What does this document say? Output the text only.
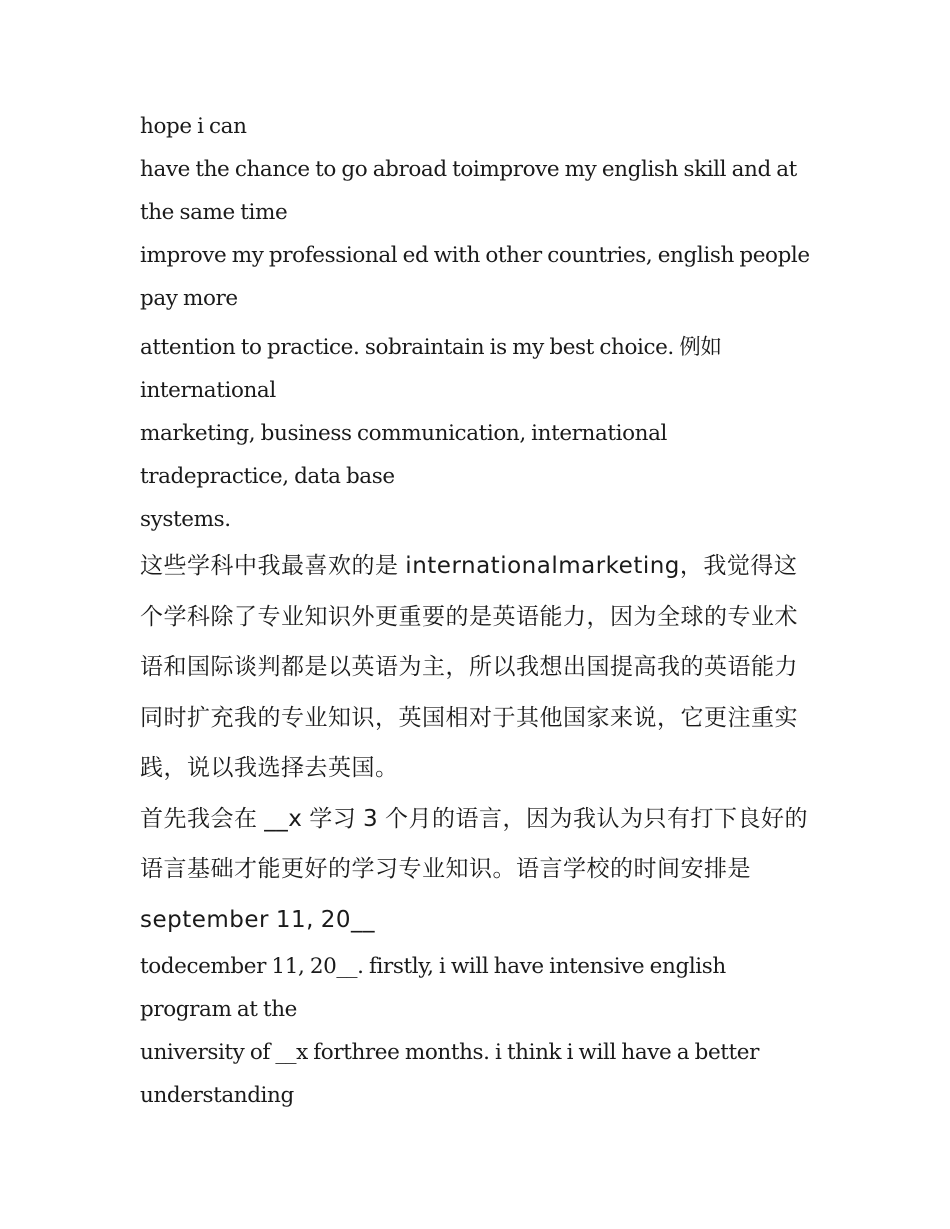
hope i can

have the chance to go abroad toimprove my english skill and at the same time

improve my professional ed with other countries, english people pay more

attention to practice. sobraintain is my best choice. 例如 international

marketing, business communication, international tradepractice, data base

systems.

这些学科中我最喜欢的是 internationalmarketing，我觉得这个学科除了专业知识外更重要的是英语能力，因为全球的专业术语和国际谈判都是以英语为主，所以我想出国提高我的英语能力同时扩充我的专业知识，英国相对于其他国家来说，它更注重实践，说以我选择去英国。

首先我会在 __x 学习 3 个月的语言，因为我认为只有打下良好的语言基础才能更好的学习专业知识。语言学校的时间安排是 september 11, 20__

todecember 11, 20__. firstly, i will have intensive english program at the

university of __x forthree months. i think i will have a better understanding
